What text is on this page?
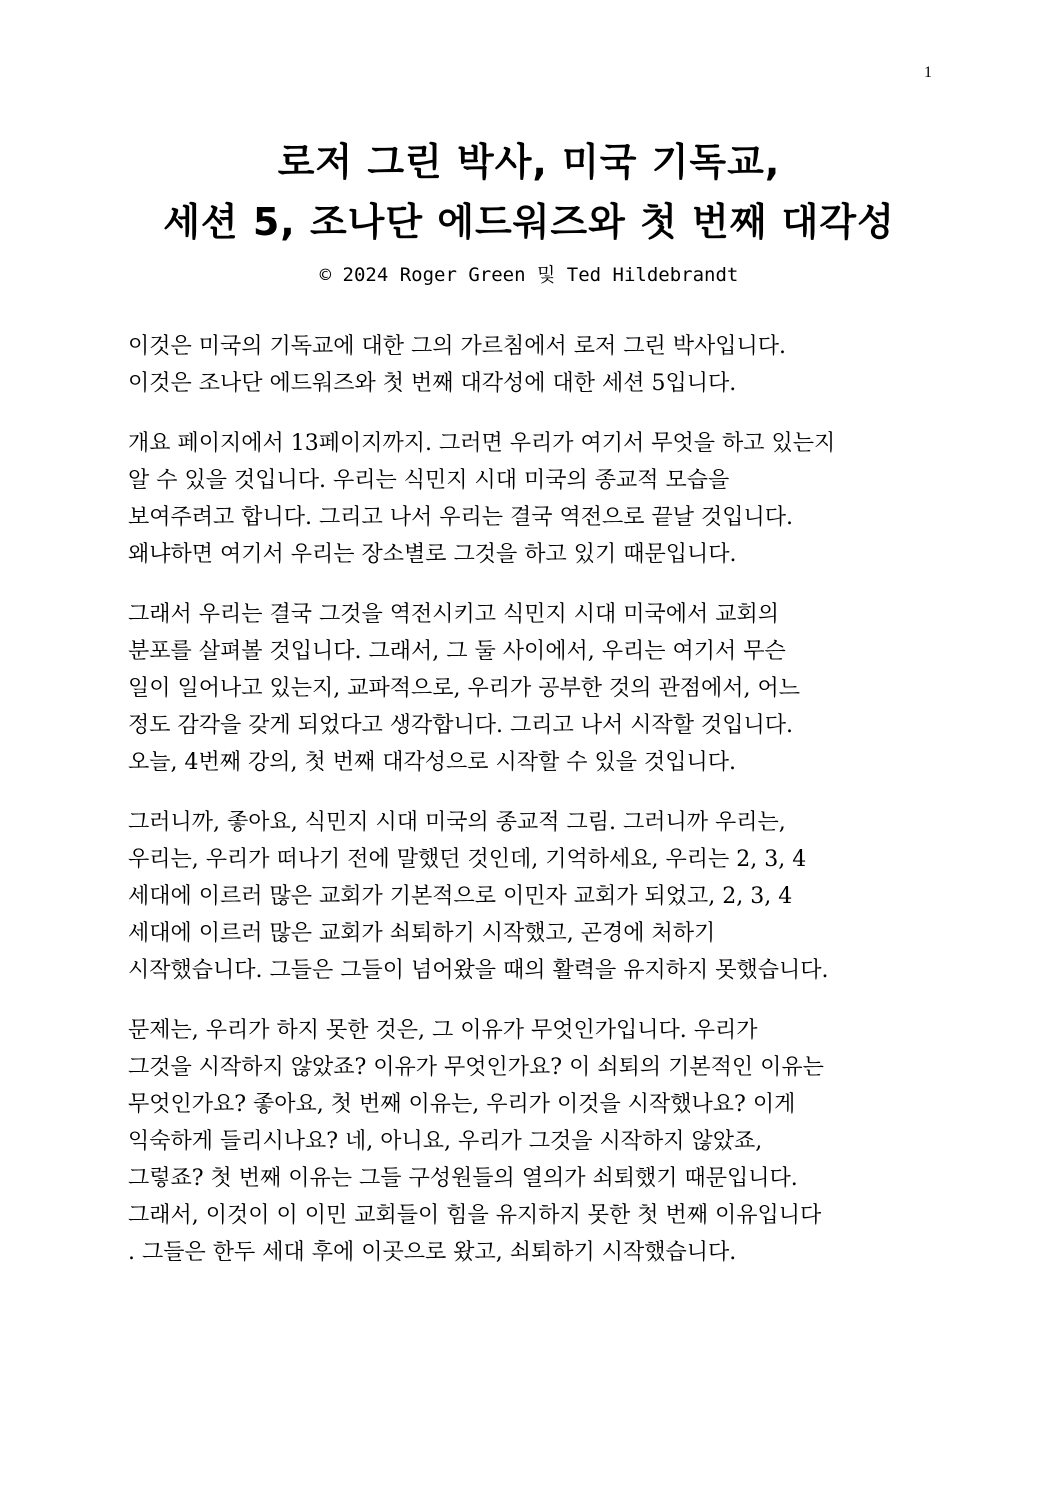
1
로저 그린 박사, 미국 기독교,
세션 5, 조나단 에드워즈와 첫 번째 대각성
© 2024 Roger Green 및 Ted Hildebrandt

이것은 미국의 기독교에 대한 그의 가르침에서 로저 그린 박사입니다.
이것은 조나단 에드워즈와 첫 번째 대각성에 대한 세션 5입니다.

개요 페이지에서 13페이지까지. 그러면 우리가 여기서 무엇을 하고 있는지
알 수 있을 것입니다. 우리는 식민지 시대 미국의 종교적 모습을
보여주려고 합니다. 그리고 나서 우리는 결국 역전으로 끝날 것입니다.
왜냐하면 여기서 우리는 장소별로 그것을 하고 있기 때문입니다.

그래서 우리는 결국 그것을 역전시키고 식민지 시대 미국에서 교회의
분포를 살펴볼 것입니다. 그래서, 그 둘 사이에서, 우리는 여기서 무슨
일이 일어나고 있는지, 교파적으로, 우리가 공부한 것의 관점에서, 어느
정도 감각을 갖게 되었다고 생각합니다. 그리고 나서 시작할 것입니다.
오늘, 4번째 강의, 첫 번째 대각성으로 시작할 수 있을 것입니다.

그러니까, 좋아요, 식민지 시대 미국의 종교적 그림. 그러니까 우리는,
우리는, 우리가 떠나기 전에 말했던 것인데, 기억하세요, 우리는 2, 3, 4
세대에 이르러 많은 교회가 기본적으로 이민자 교회가 되었고, 2, 3, 4
세대에 이르러 많은 교회가 쇠퇴하기 시작했고, 곤경에 처하기
시작했습니다. 그들은 그들이 넘어왔을 때의 활력을 유지하지 못했습니다.

문제는, 우리가 하지 못한 것은, 그 이유가 무엇인가입니다. 우리가
그것을 시작하지 않았죠? 이유가 무엇인가요? 이 쇠퇴의 기본적인 이유는
무엇인가요? 좋아요, 첫 번째 이유는, 우리가 이것을 시작했나요? 이게
익숙하게 들리시나요? 네, 아니요, 우리가 그것을 시작하지 않았죠,
그렇죠? 첫 번째 이유는 그들 구성원들의 열의가 쇠퇴했기 때문입니다.
그래서, 이것이 이 이민 교회들이 힘을 유지하지 못한 첫 번째 이유입니다
. 그들은 한두 세대 후에 이곳으로 왔고, 쇠퇴하기 시작했습니다.
